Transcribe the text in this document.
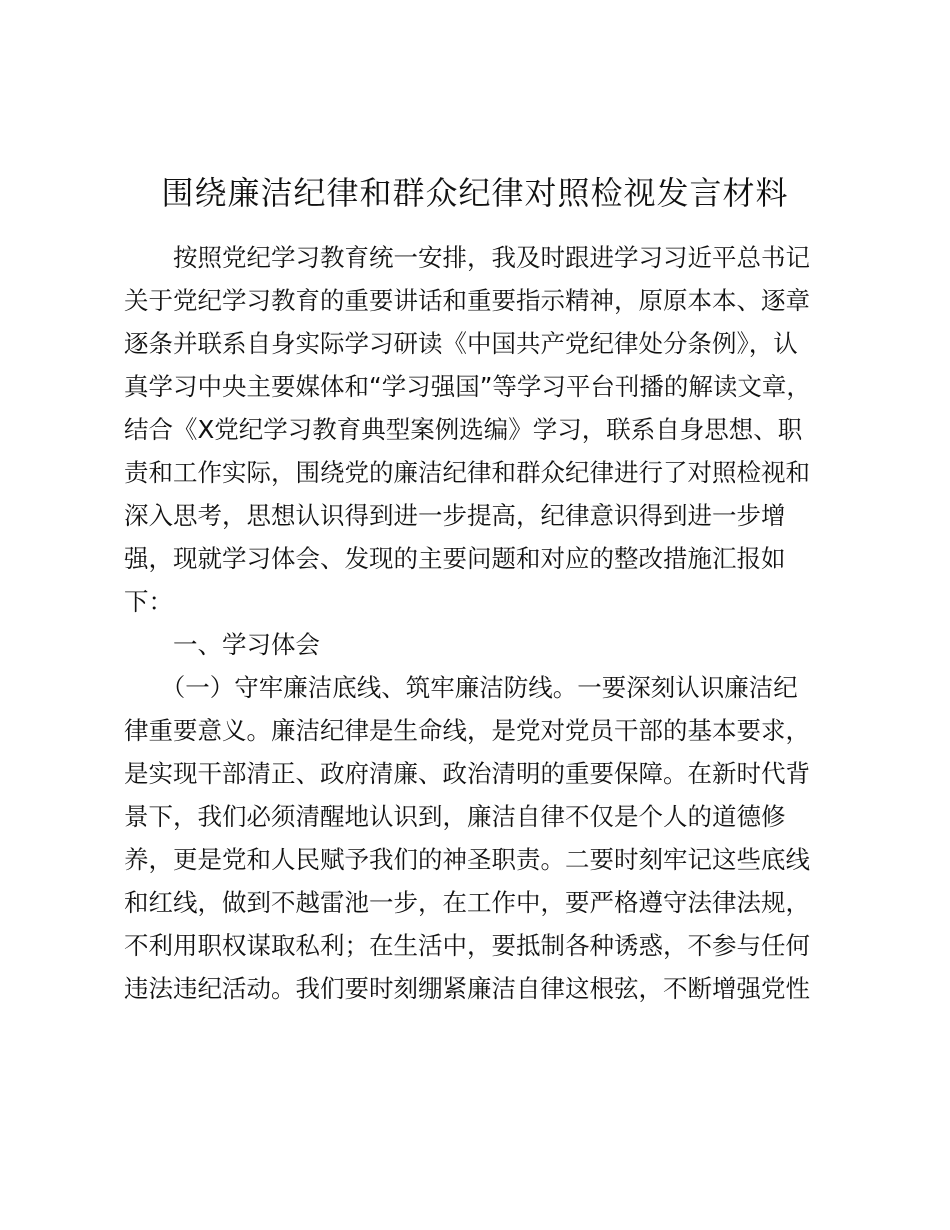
围绕廉洁纪律和群众纪律对照检视发言材料
　　按照党纪学习教育统一安排，我及时跟进学习习近平总书记
关于党纪学习教育的重要讲话和重要指示精神，原原本本、逐章
逐条并联系自身实际学习研读《中国共产党纪律处分条例》，认
真学习中央主要媒体和“学习强国”等学习平台刊播的解读文章，
结合《X党纪学习教育典型案例选编》学习，联系自身思想、职
责和工作实际，围绕党的廉洁纪律和群众纪律进行了对照检视和
深入思考，思想认识得到进一步提高，纪律意识得到进一步增
强，现就学习体会、发现的主要问题和对应的整改措施汇报如
下：
　　一、学习体会
　　（一）守牢廉洁底线、筑牢廉洁防线。一要深刻认识廉洁纪
律重要意义。廉洁纪律是生命线，是党对党员干部的基本要求，
是实现干部清正、政府清廉、政治清明的重要保障。在新时代背
景下，我们必须清醒地认识到，廉洁自律不仅是个人的道德修
养，更是党和人民赋予我们的神圣职责。二要时刻牢记这些底线
和红线，做到不越雷池一步，在工作中，要严格遵守法律法规，
不利用职权谋取私利；在生活中，要抵制各种诱惑，不参与任何
违法违纪活动。我们要时刻绷紧廉洁自律这根弦，不断增强党性
